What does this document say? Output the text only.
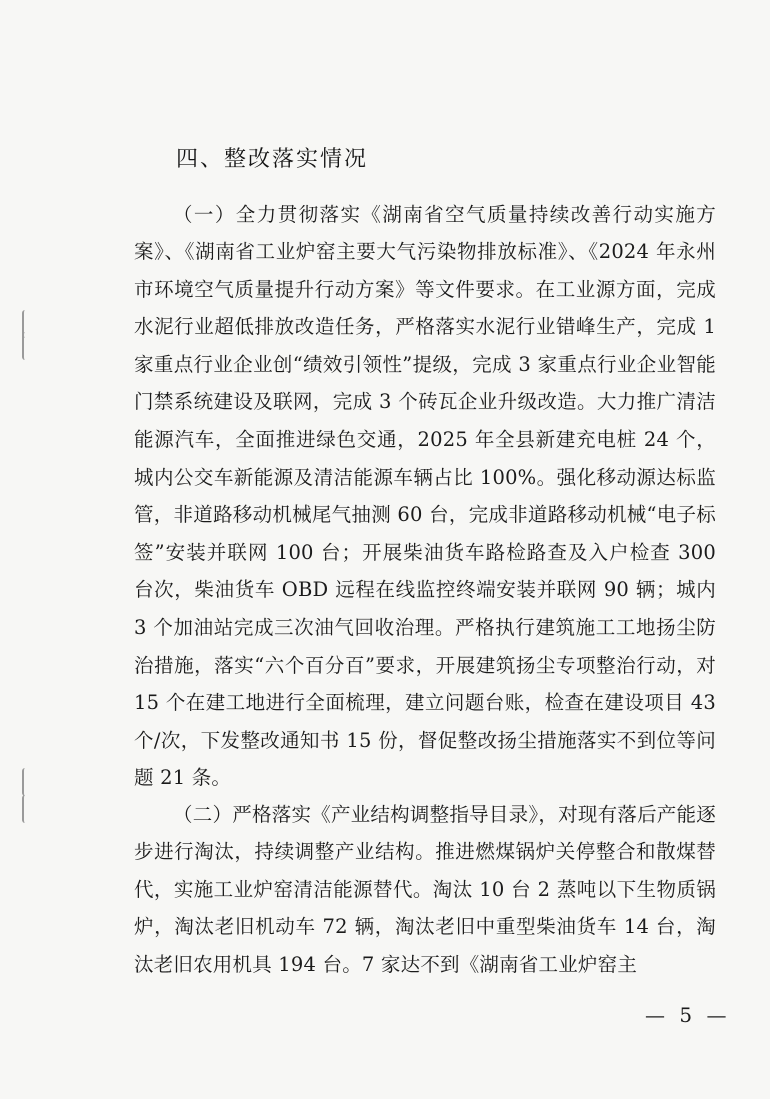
四、整改落实情况

（一）全力贯彻落实《湖南省空气质量持续改善行动实施方案》、《湖南省工业炉窑主要大气污染物排放标准》、《2024 年永州市环境空气质量提升行动方案》等文件要求。在工业源方面，完成水泥行业超低排放改造任务，严格落实水泥行业错峰生产，完成 1 家重点行业企业创“绩效引领性”提级，完成 3 家重点行业企业智能门禁系统建设及联网，完成 3 个砖瓦企业升级改造。大力推广清洁能源汽车，全面推进绿色交通，2025 年全县新建充电桩 24 个，城内公交车新能源及清洁能源车辆占比 100%。强化移动源达标监管，非道路移动机械尾气抽测 60 台，完成非道路移动机械“电子标签”安装并联网 100 台；开展柴油货车路检路查及入户检查 300 台次，柴油货车 OBD 远程在线监控终端安装并联网 90 辆；城内 3 个加油站完成三次油气回收治理。严格执行建筑施工工地扬尘防治措施，落实“六个百分百”要求，开展建筑扬尘专项整治行动，对 15 个在建工地进行全面梳理，建立问题台账，检查在建设项目 43 个/次，下发整改通知书 15 份，督促整改扬尘措施落实不到位等问题 21 条。

（二）严格落实《产业结构调整指导目录》，对现有落后产能逐步进行淘汰，持续调整产业结构。推进燃煤锅炉关停整合和散煤替代，实施工业炉窑清洁能源替代。淘汰 10 台 2 蒸吨以下生物质锅炉，淘汰老旧机动车 72 辆，淘汰老旧中重型柴油货车 14 台，淘汰老旧农用机具 194 台。7 家达不到《湖南省工业炉窑主

— 5 —
